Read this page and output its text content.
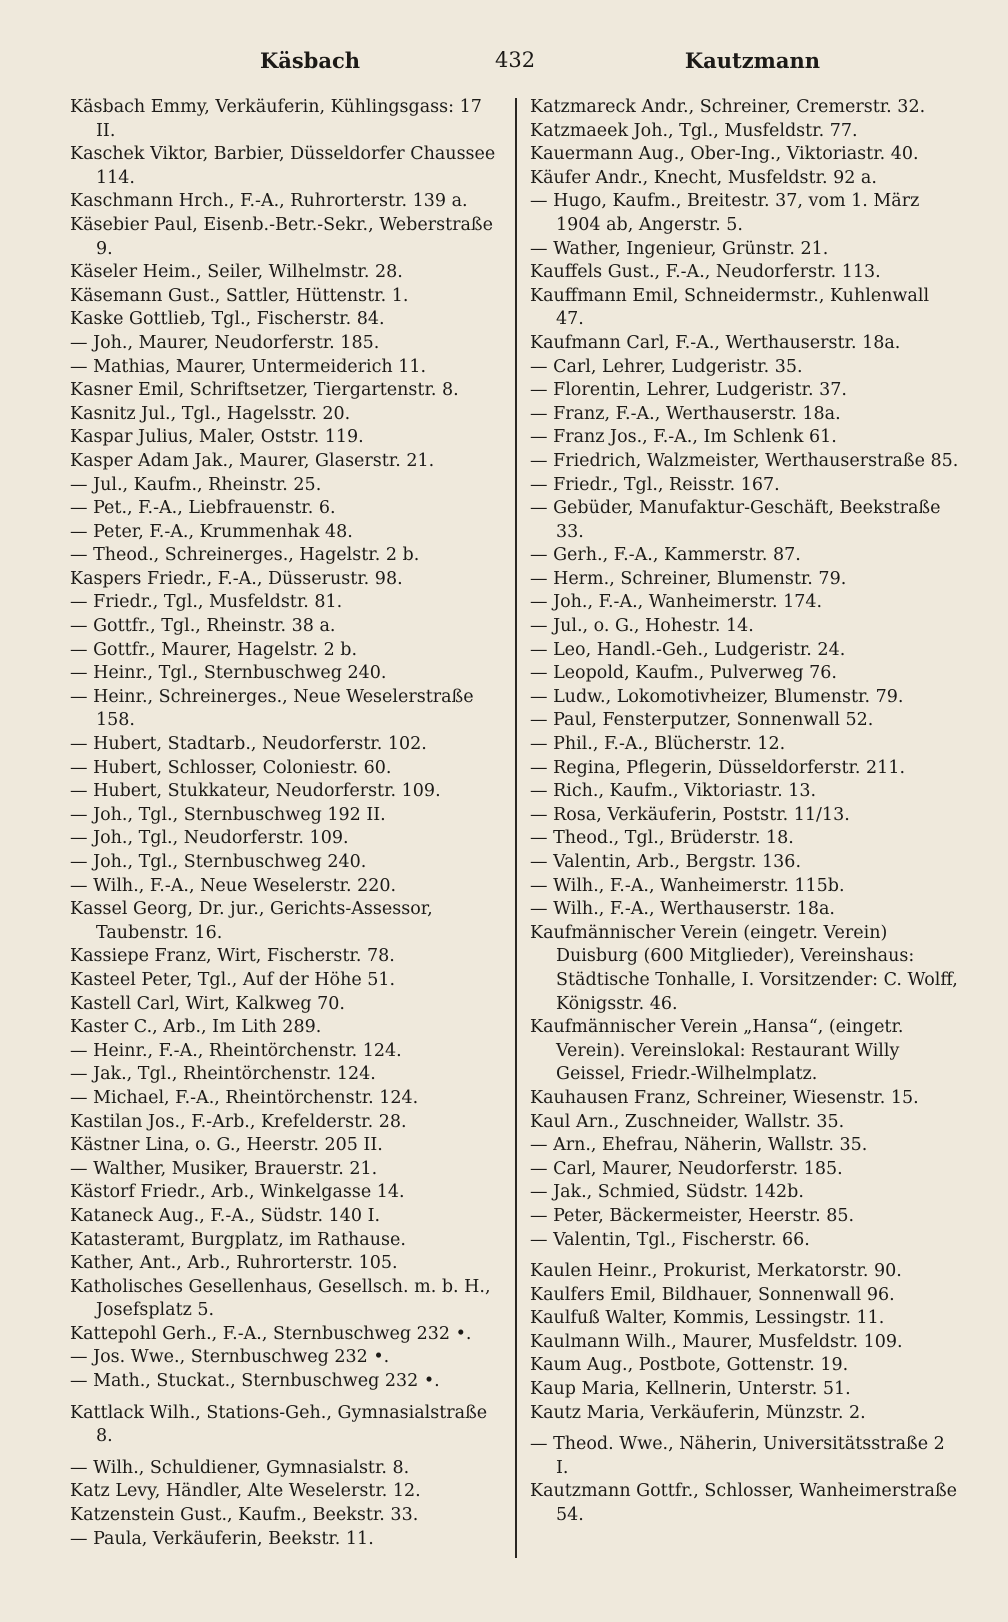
Käsbach	432	Kautzmann
Käsbach Emmy, Verkäuferin, Kühlingsgass: 17 II.
Kaschek Viktor, Barbier, Düsseldorfer Chaussee 114.
Kaschmann Hrch., F.-A., Ruhrorterstr. 139 a.
Käsebier Paul, Eisenb.-Betr.-Sekr., Weberstraße 9.
Käseler Heim., Seiler, Wilhelmstr. 28.
Käsemann Gust., Sattler, Hüttenstr. 1.
Kaske Gottlieb, Tgl., Fischerstr. 84.
— Joh., Maurer, Neudorferstr. 185.
— Mathias, Maurer, Untermeiderich 11.
Kasner Emil, Schriftsetzer, Tiergartenstr. 8.
Kasnitz Jul., Tgl., Hagelsstr. 20.
Kaspar Julius, Maler, Oststr. 119.
Kasper Adam Jak., Maurer, Glaserstr. 21.
— Jul., Kaufm., Rheinstr. 25.
— Pet., F.-A., Liebfrauenstr. 6.
— Peter, F.-A., Krummenhak 48.
— Theod., Schreinerges., Hagelstr. 2 b.
Kaspers Friedr., F.-A., Düsserustr. 98.
— Friedr., Tgl., Musfeldstr. 81.
— Gottfr., Tgl., Rheinstr. 38 a.
— Gottfr., Maurer, Hagelstr. 2 b.
— Heinr., Tgl., Sternbuschweg 240.
— Heinr., Schreinerges., Neue Weselerstraße 158.
— Hubert, Stadtarb., Neudorferstr. 102.
— Hubert, Schlosser, Coloniestr. 60.
— Hubert, Stukkateur, Neudorferstr. 109.
— Joh., Tgl., Sternbuschweg 192 II.
— Joh., Tgl., Neudorferstr. 109.
— Joh., Tgl., Sternbuschweg 240.
— Wilh., F.-A., Neue Weselerstr. 220.
Kassel Georg, Dr. jur., Gerichts-Assessor, Taubenstr. 16.
Kassiepe Franz, Wirt, Fischerstr. 78.
Kasteel Peter, Tgl., Auf der Höhe 51.
Kastell Carl, Wirt, Kalkweg 70.
Kaster C., Arb., Im Lith 289.
— Heinr., F.-A., Rheintörchenstr. 124.
— Jak., Tgl., Rheintörchenstr. 124.
— Michael, F.-A., Rheintörchenstr. 124.
Kastilan Jos., F.-Arb., Krefelderstr. 28.
Kästner Lina, o. G., Heerstr. 205 II.
— Walther, Musiker, Brauerstr. 21.
Kästorf Friedr., Arb., Winkelgasse 14.
Kataneck Aug., F.-A., Südstr. 140 I.
Katasteramt, Burgplatz, im Rathause.
Kather, Ant., Arb., Ruhrorterstr. 105.
Katholisches Gesellenhaus, Gesellsch. m. b. H., Josefsplatz 5.
Kattepohl Gerh., F.-A., Sternbuschweg 232 •.
— Jos. Wwe., Sternbuschweg 232 •.
— Math., Stuckat., Sternbuschweg 232 •.
Kattlack Wilh., Stations-Geh., Gymnasialstraße 8.
— Wilh., Schuldiener, Gymnasialstr. 8.
Katz Levy, Händler, Alte Weselerstr. 12.
Katzenstein Gust., Kaufm., Beekstr. 33.
— Paula, Verkäuferin, Beekstr. 11.
Katzmareck Andr., Schreiner, Cremerstr. 32.
Katzmaeek Joh., Tgl., Musfeldstr. 77.
Kauermann Aug., Ober-Ing., Viktoriastr. 40.
Käufer Andr., Knecht, Musfeldstr. 92 a.
— Hugo, Kaufm., Breitestr. 37, vom 1. März 1904 ab, Angerstr. 5.
— Wather, Ingenieur, Grünstr. 21.
Kauffels Gust., F.-A., Neudorferstr. 113.
Kauffmann Emil, Schneidermstr., Kuhlenwall 47.
Kaufmann Carl, F.-A., Werthauserstr. 18a.
— Carl, Lehrer, Ludgeristr. 35.
— Florentin, Lehrer, Ludgeristr. 37.
— Franz, F.-A., Werthauserstr. 18a.
— Franz Jos., F.-A., Im Schlenk 61.
— Friedrich, Walzmeister, Werthauserstraße 85.
— Friedr., Tgl., Reisstr. 167.
— Gebüder, Manufaktur-Geschäft, Beekstraße 33.
— Gerh., F.-A., Kammerstr. 87.
— Herm., Schreiner, Blumenstr. 79.
— Joh., F.-A., Wanheimerstr. 174.
— Jul., o. G., Hohestr. 14.
— Leo, Handl.-Geh., Ludgeristr. 24.
— Leopold, Kaufm., Pulverweg 76.
— Ludw., Lokomotivheizer, Blumenstr. 79.
— Paul, Fensterputzer, Sonnenwall 52.
— Phil., F.-A., Blücherstr. 12.
— Regina, Pflegerin, Düsseldorferstr. 211.
— Rich., Kaufm., Viktoriastr. 13.
— Rosa, Verkäuferin, Poststr. 11/13.
— Theod., Tgl., Brüderstr. 18.
— Valentin, Arb., Bergstr. 136.
— Wilh., F.-A., Wanheimerstr. 115b.
— Wilh., F.-A., Werthauserstr. 18a.
Kaufmännischer Verein (eingetr. Verein) Duisburg (600 Mitglieder), Vereinshaus: Städtische Tonhalle, I. Vorsitzender: C. Wolff, Königsstr. 46.
Kaufmännischer Verein „Hansa“, (eingetr. Verein). Vereinslokal: Restaurant Willy Geissel, Friedr.-Wilhelmplatz.
Kauhausen Franz, Schreiner, Wiesenstr. 15.
Kaul Arn., Zuschneider, Wallstr. 35.
— Arn., Ehefrau, Näherin, Wallstr. 35.
— Carl, Maurer, Neudorferstr. 185.
— Jak., Schmied, Südstr. 142b.
— Peter, Bäckermeister, Heerstr. 85.
— Valentin, Tgl., Fischerstr. 66.
Kaulen Heinr., Prokurist, Merkatorstr. 90.
Kaulfers Emil, Bildhauer, Sonnenwall 96.
Kaulfuß Walter, Kommis, Lessingstr. 11.
Kaulmann Wilh., Maurer, Musfeldstr. 109.
Kaum Aug., Postbote, Gottenstr. 19.
Kaup Maria, Kellnerin, Unterstr. 51.
Kautz Maria, Verkäuferin, Münzstr. 2.
— Theod. Wwe., Näherin, Universitätsstraße 2 I.
Kautzmann Gottfr., Schlosser, Wanheimerstraße 54.
